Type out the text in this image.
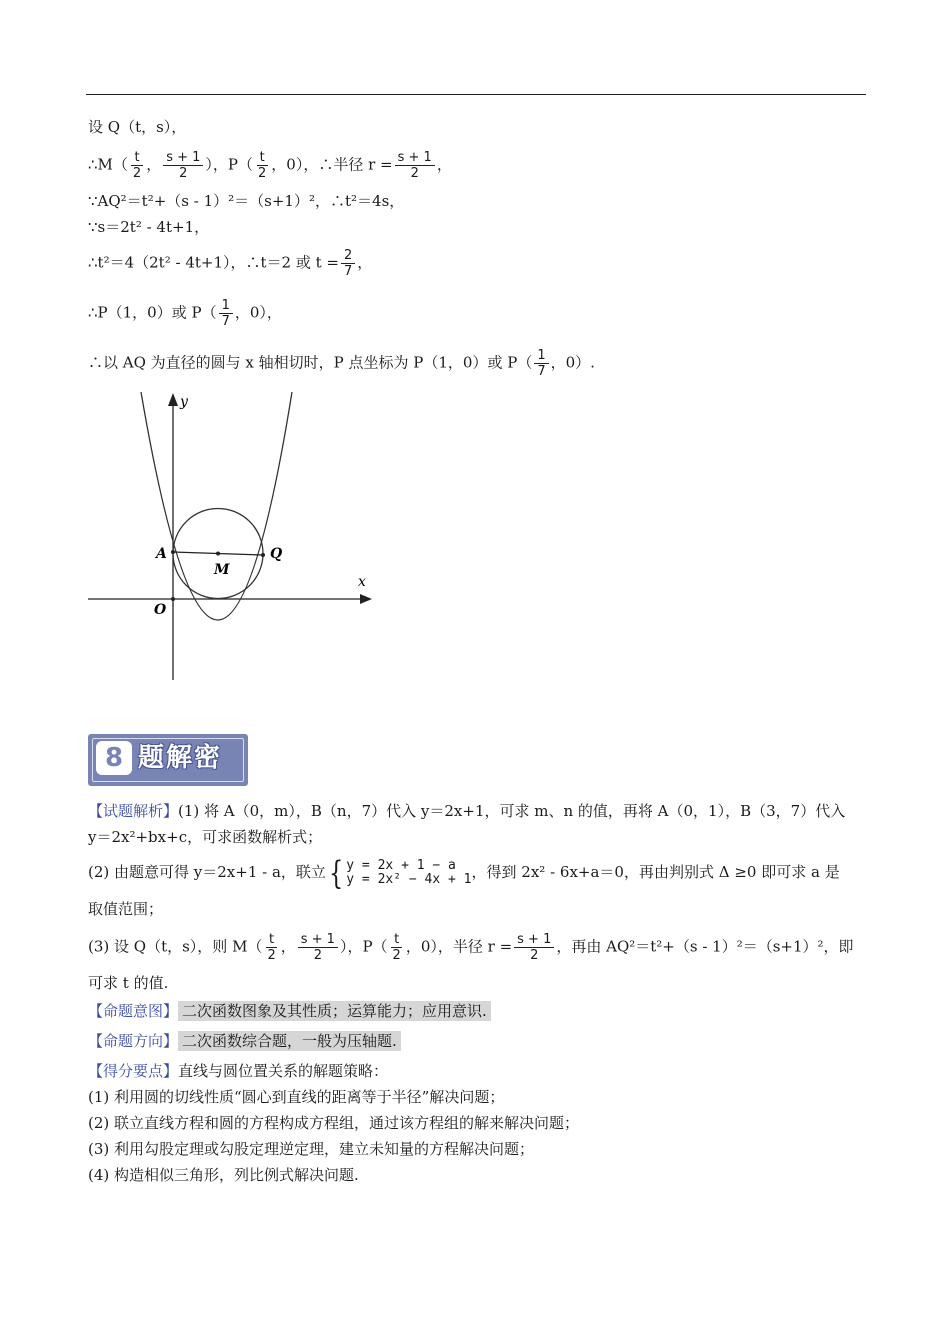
设 Q（t，s），
∴M（ $\frac{t}{2}$ ， $\frac{s + 1}{2}$ ），$P( \frac{t}{2}$ ，0），∴半径 $r = \frac{s + 1}{2}$ ，
∵AQ²＝t²+（s - 1）²＝（s+1）²，∴t²＝4s，
∵s＝2t² - 4t+1，
∴t²＝4（2t² - 4t+1），∴t＝2 或 $t = \frac{2}{7}$ ，
∴P（1，0）或 $P( \frac{1}{7}$ ，0），
∴以 AQ 为直径的圆与 x 轴相切时，P 点坐标为 P（1，0）或 $P( \frac{1}{7}$ ，0）.
y
x
A	Q
M
O
8 题解密
【试题解析】(1) 将 A（0，m），B（n，7）代入 y＝2x+1，可求 m、n 的值，再将 A（0，1），B（3，7）代入
y＝2x²+bx+c，可求函数解析式；
(2) 由题意可得 y＝2x+1 - a，联立 { y = 2x + 1 − a
y = 2x² − 4x + 1 ，得到 2x² - 6x+a＝0，再由判别式 Δ ≥0 即可求 a 是
取值范围；
(3) 设 Q（t，s），则 $M( \frac{t}{2}$ ， $\frac{s + 1}{2}$ ），$P( \frac{t}{2}$ ，0），半径 $r = \frac{s + 1}{2}$ ，再由 AQ²＝t²+（s - 1）²＝（s+1）²，即
可求 t 的值.
【命题意图】 二次函数图象及其性质；运算能力；应用意识.
【命题方向】 二次函数综合题，一般为压轴题.
【得分要点】直线与圆位置关系的解题策略：
(1) 利用圆的切线性质“圆心到直线的距离等于半径”解决问题；
(2) 联立直线方程和圆的方程构成方程组，通过该方程组的解来解决问题；
(3) 利用勾股定理或勾股定理逆定理，建立未知量的方程解决问题；
(4) 构造相似三角形，列比例式解决问题.
